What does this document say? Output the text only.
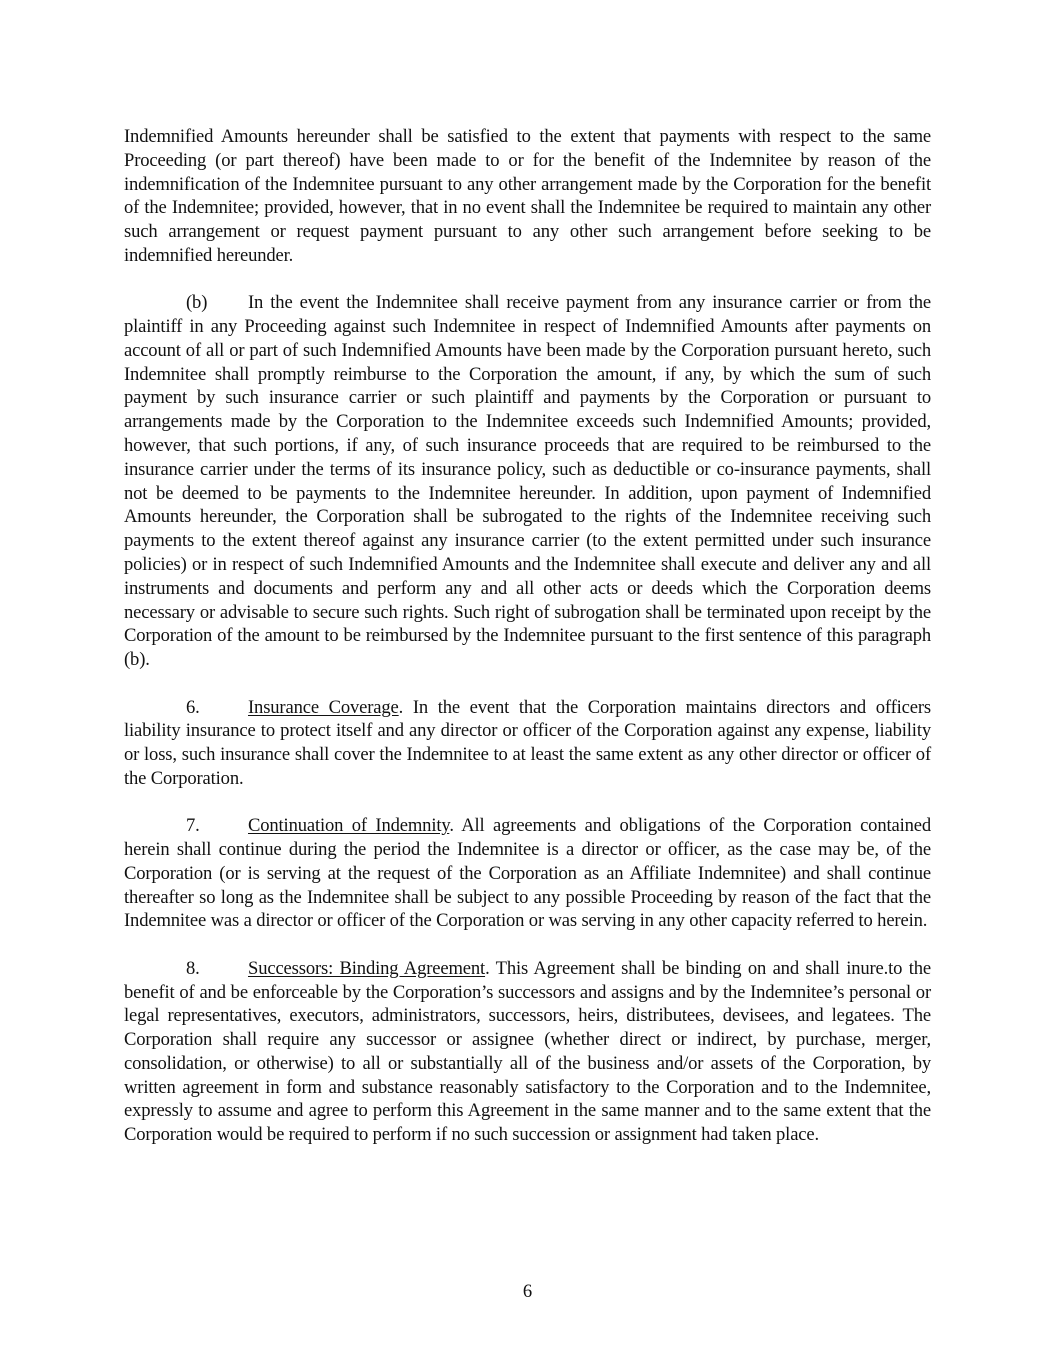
Indemnified Amounts hereunder shall be satisfied to the extent that payments with respect to the same Proceeding (or part thereof) have been made to or for the benefit of the Indemnitee by reason of the indemnification of the Indemnitee pursuant to any other arrangement made by the Corporation for the benefit of the Indemnitee; provided, however, that in no event shall the Indemnitee be required to maintain any other such arrangement or request payment pursuant to any other such arrangement before seeking to be indemnified hereunder.

(b) In the event the Indemnitee shall receive payment from any insurance carrier or from the plaintiff in any Proceeding against such Indemnitee in respect of Indemnified Amounts after payments on account of all or part of such Indemnified Amounts have been made by the Corporation pursuant hereto, such Indemnitee shall promptly reimburse to the Corporation the amount, if any, by which the sum of such payment by such insurance carrier or such plaintiff and payments by the Corporation or pursuant to arrangements made by the Corporation to the Indemnitee exceeds such Indemnified Amounts; provided, however, that such portions, if any, of such insurance proceeds that are required to be reimbursed to the insurance carrier under the terms of its insurance policy, such as deductible or co-insurance payments, shall not be deemed to be payments to the Indemnitee hereunder. In addition, upon payment of Indemnified Amounts hereunder, the Corporation shall be subrogated to the rights of the Indemnitee receiving such payments to the extent thereof against any insurance carrier (to the extent permitted under such insurance policies) or in respect of such Indemnified Amounts and the Indemnitee shall execute and deliver any and all instruments and documents and perform any and all other acts or deeds which the Corporation deems necessary or advisable to secure such rights. Such right of subrogation shall be terminated upon receipt by the Corporation of the amount to be reimbursed by the Indemnitee pursuant to the first sentence of this paragraph (b).

6.	Insurance Coverage. In the event that the Corporation maintains directors and officers liability insurance to protect itself and any director or officer of the Corporation against any expense, liability or loss, such insurance shall cover the Indemnitee to at least the same extent as any other director or officer of the Corporation.

7.	Continuation of Indemnity. All agreements and obligations of the Corporation contained herein shall continue during the period the Indemnitee is a director or officer, as the case may be, of the Corporation (or is serving at the request of the Corporation as an Affiliate Indemnitee) and shall continue thereafter so long as the Indemnitee shall be subject to any possible Proceeding by reason of the fact that the Indemnitee was a director or officer of the Corporation or was serving in any other capacity referred to herein.

8.	Successors: Binding Agreement. This Agreement shall be binding on and shall inure.to the benefit of and be enforceable by the Corporation’s successors and assigns and by the Indemnitee’s personal or legal representatives, executors, administrators, successors, heirs, distributees, devisees, and legatees. The Corporation shall require any successor or assignee (whether direct or indirect, by purchase, merger, consolidation, or otherwise) to all or substantially all of the business and/or assets of the Corporation, by written agreement in form and substance reasonably satisfactory to the Corporation and to the Indemnitee, expressly to assume and agree to perform this Agreement in the same manner and to the same extent that the Corporation would be required to perform if no such succession or assignment had taken place.

6
